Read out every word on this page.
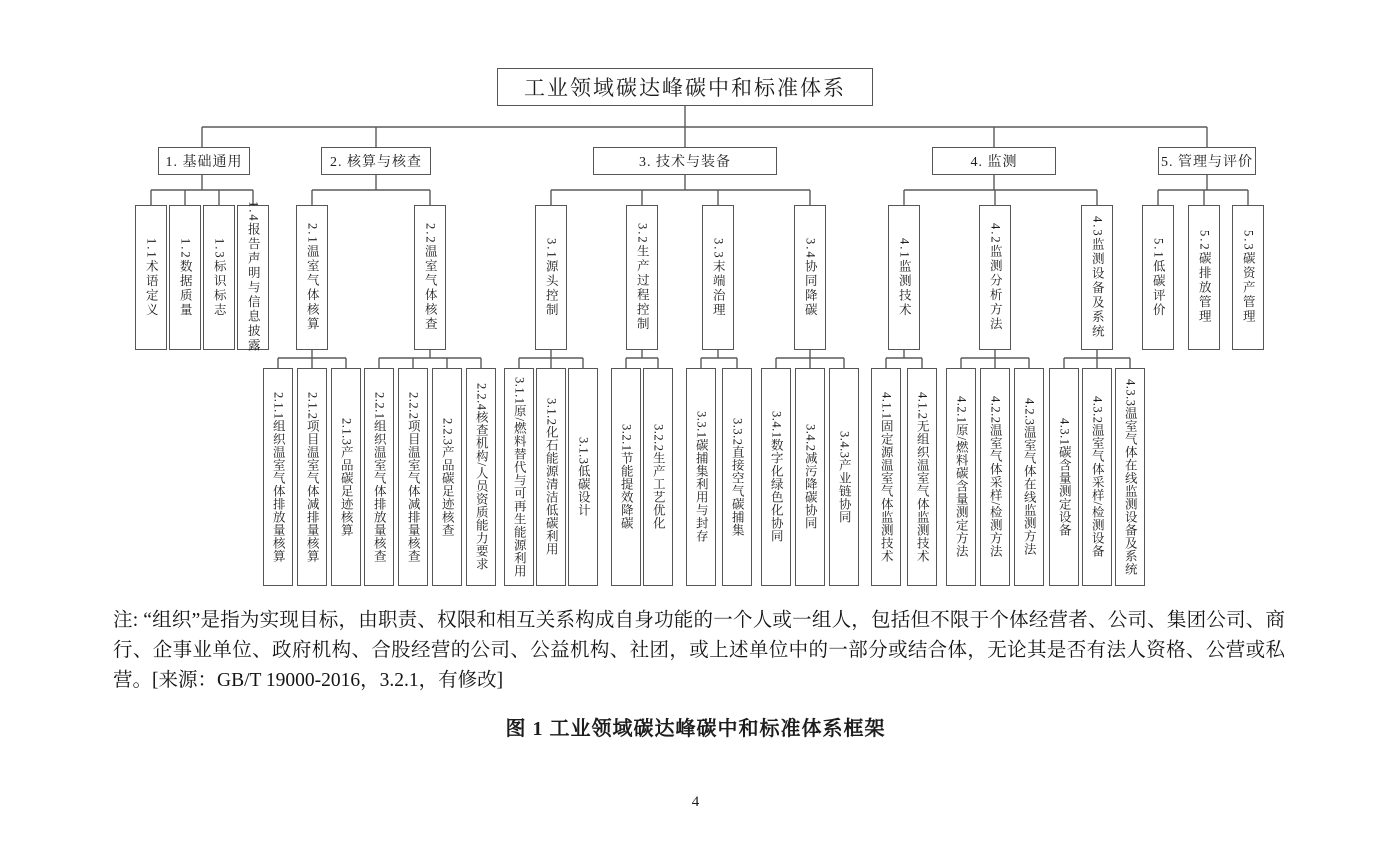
工业领域碳达峰碳中和标准体系
1. 基础通用	2. 核算与核查	3. 技术与装备	4. 监测	5. 管理与评价
1.1术语定义 1.2数据质量 1.3标识标志 1.4报告声明与信息披露	2.1温室气体核算	2.2温室气体核查	3.1源头控制	3.2生产过程控制	3.3末端治理	3.4协同降碳	4.1监测技术	4.2监测分析方法	4.3监测设备及系统	5.1低碳评价	5.2碳排放管理 5.3碳资产管理
2.1.1组织温室气体排放量核算 2.1.2项目温室气体减排量核算 2.1.3产品碳足迹核算 2.2.1组织温室气体排放量核查 2.2.2项目温室气体减排量核查 2.2.3产品碳足迹核查 2.2.4核查机构/人员资质能力要求 3.1.1原/燃料替代与可再生能源利用 3.1.2化石能源清洁低碳利用 3.1.3低碳设计 3.2.1节能提效降碳 3.2.2生产工艺优化 3.3.1碳捕集利用与封存 3.3.2直接空气碳捕集 3.4.1数字化绿色化协同 3.4.2减污降碳协同 3.4.3产业链协同 4.1.1固定源温室气体监测技术 4.1.2无组织温室气体监测技术 4.2.1原/燃料碳含量测定方法 4.2.2温室气体采样/检测方法 4.2.3温室气体在线监测方法 4.3.1碳含量测定设备 4.3.2温室气体采样/检测设备 4.3.3温室气体在线监测设备及系统
注: “组织”是指为实现目标，由职责、权限和相互关系构成自身功能的一个人或一组人，包括但不限于个体经营者、公司、集团公司、商行、企事业单位、政府机构、合股经营的公司、公益机构、社团，或上述单位中的一部分或结合体，无论其是否有法人资格、公营或私营。[来源：GB/T 19000-2016，3.2.1，有修改]
图 1 工业领域碳达峰碳中和标准体系框架
4
